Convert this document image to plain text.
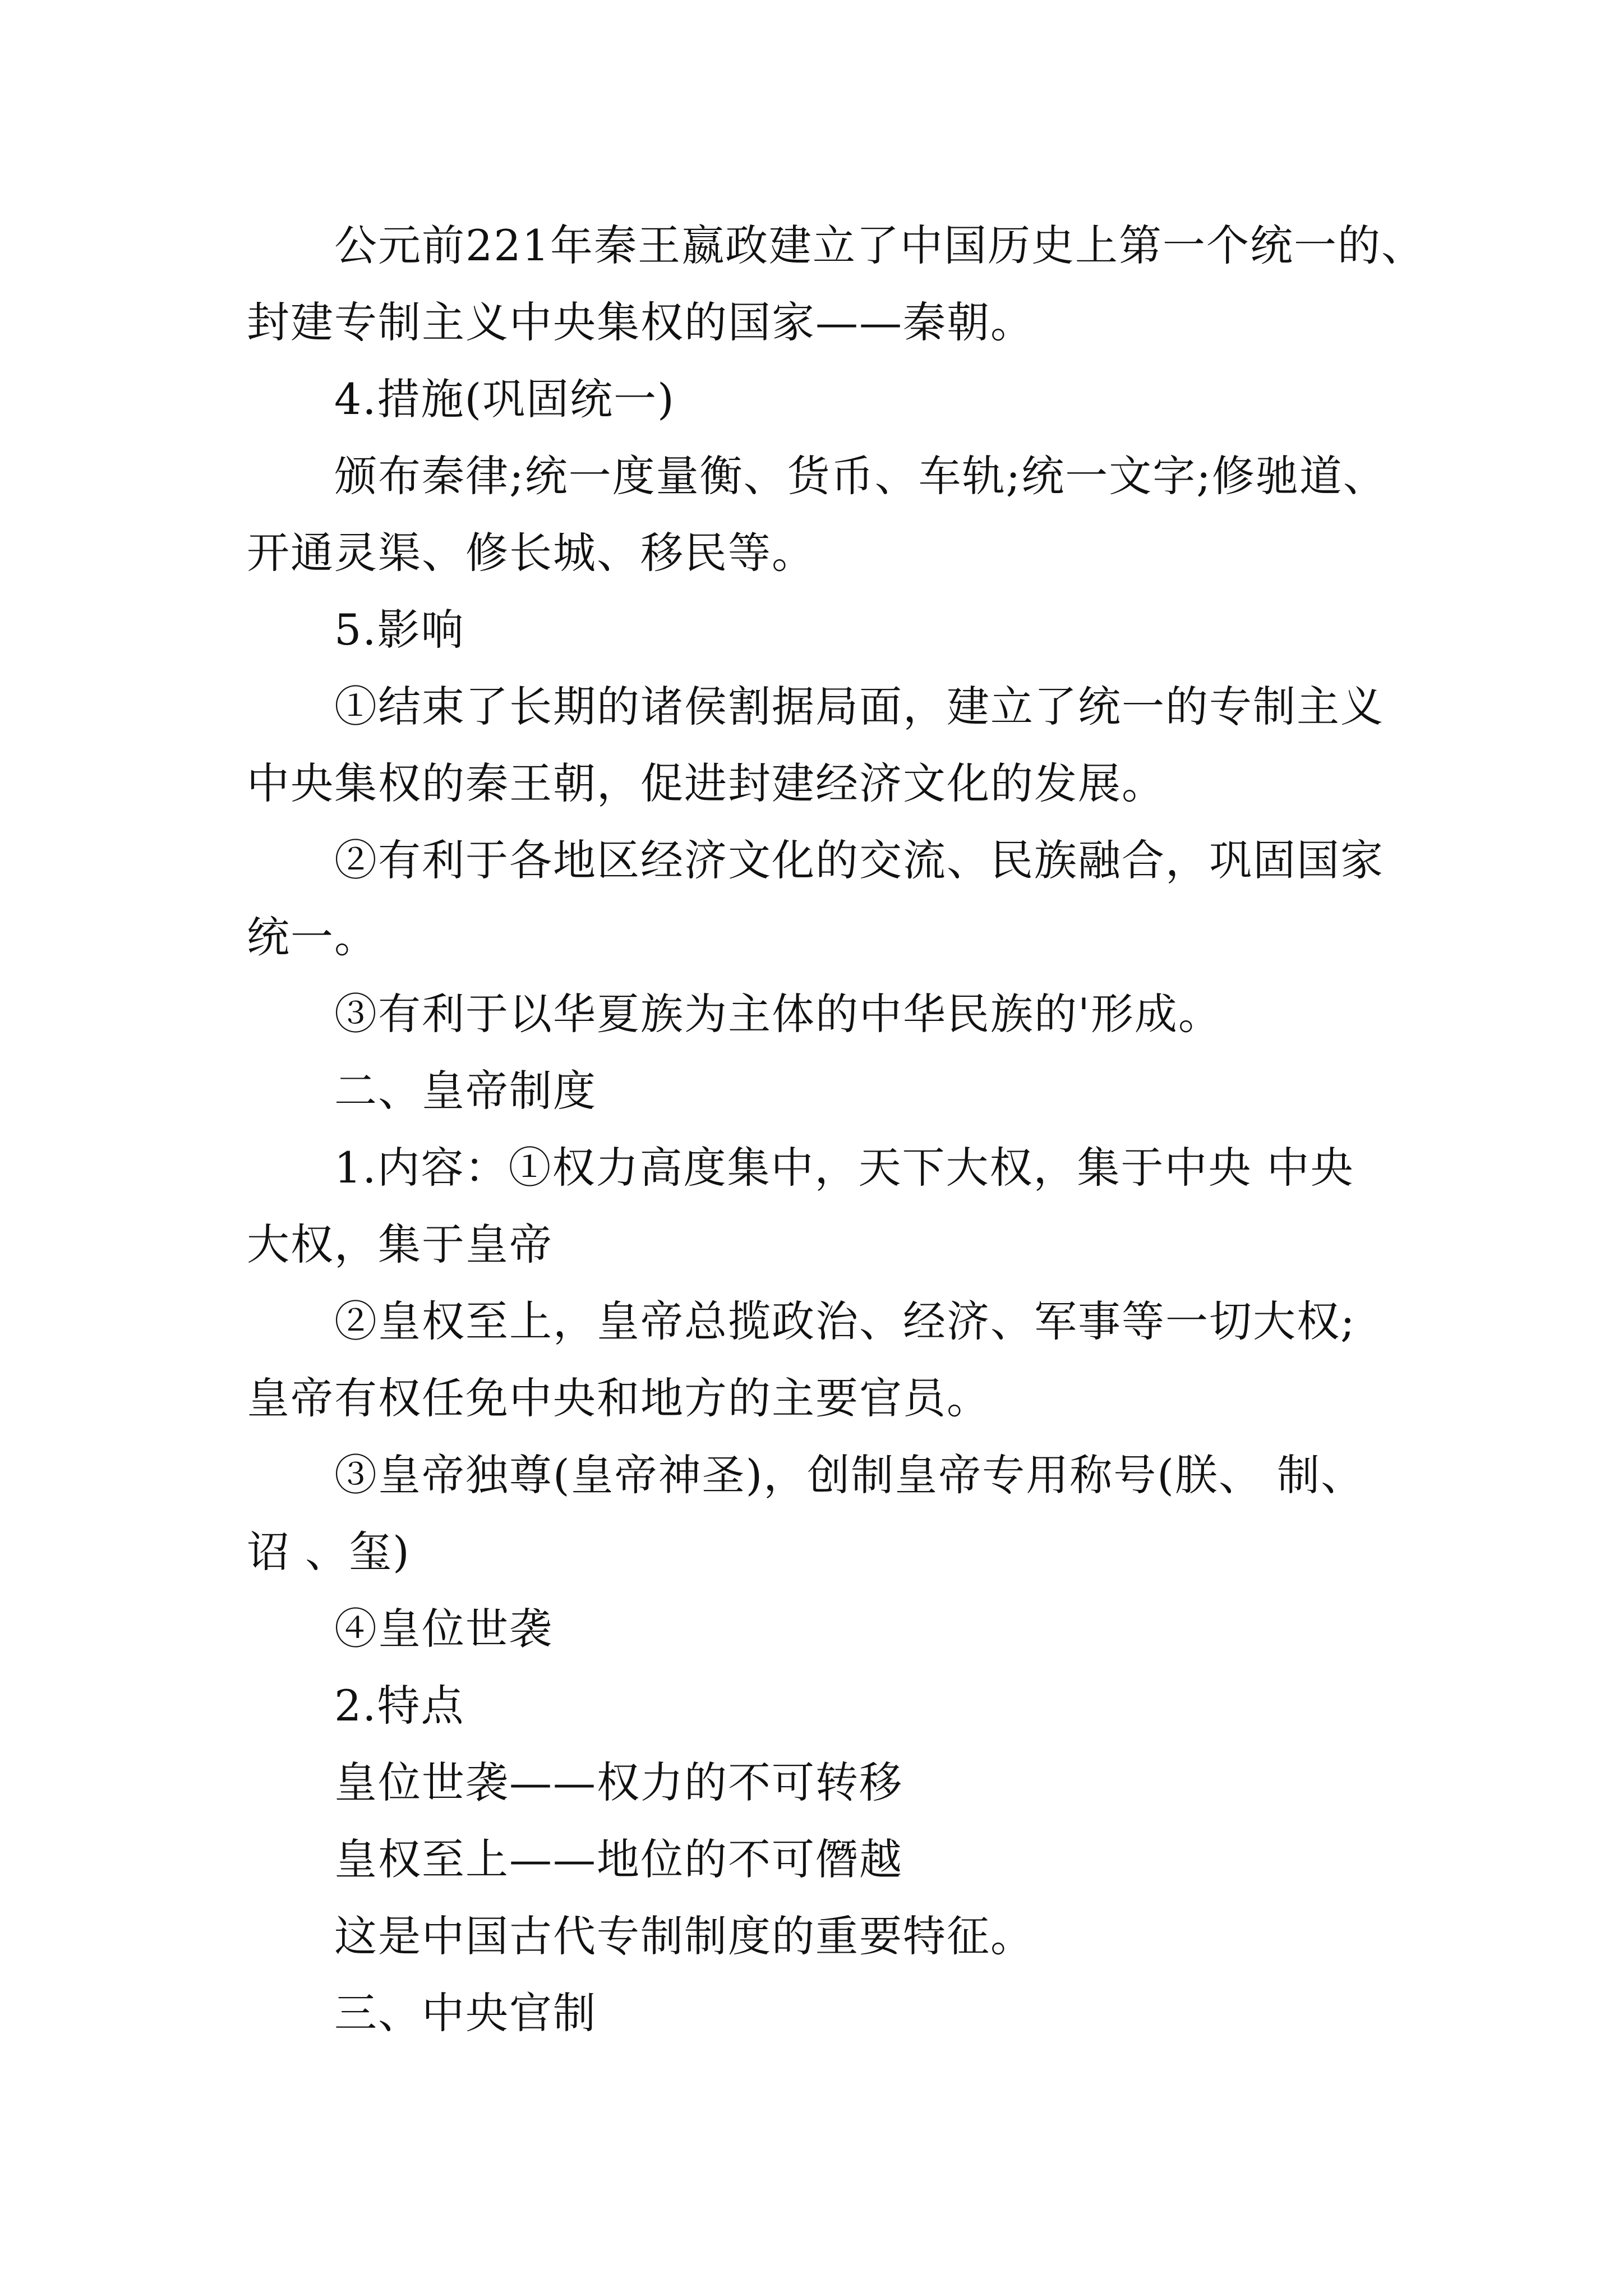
公元前221年秦王嬴政建立了中国历史上第一个统一的、
封建专制主义中央集权的国家——秦朝。
4.措施(巩固统一)
颁布秦律;统一度量衡、货币、车轨;统一文字;修驰道、
开通灵渠、修长城、移民等。
5.影响
①结束了长期的诸侯割据局面，建立了统一的专制主义
中央集权的秦王朝，促进封建经济文化的发展。
②有利于各地区经济文化的交流、民族融合，巩固国家
统一。
③有利于以华夏族为主体的中华民族的'形成。
二、皇帝制度
1.内容：①权力高度集中，天下大权，集于中央 中央
大权，集于皇帝
②皇权至上，皇帝总揽政治、经济、军事等一切大权;
皇帝有权任免中央和地方的主要官员。
③皇帝独尊(皇帝神圣)，创制皇帝专用称号(朕、 制、
诏 、玺)
④皇位世袭
2.特点
皇位世袭——权力的不可转移
皇权至上——地位的不可僭越
这是中国古代专制制度的重要特征。
三、中央官制
